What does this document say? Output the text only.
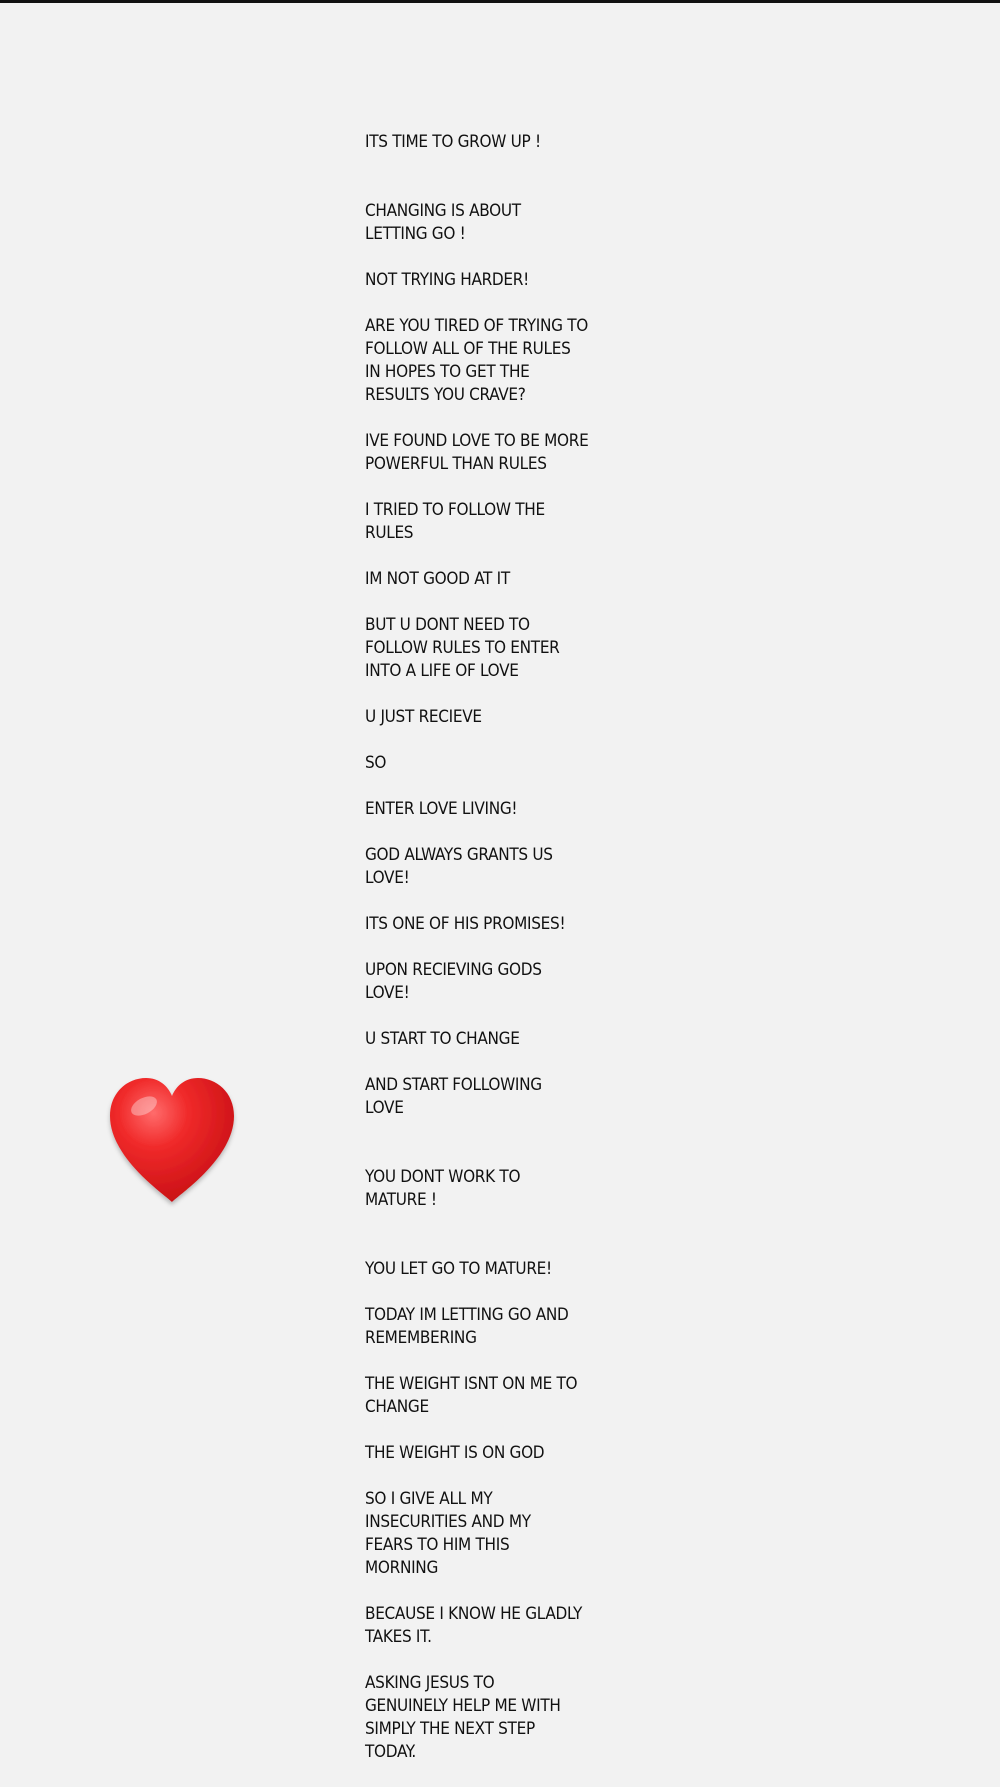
ITS TIME TO GROW UP !

CHANGING IS ABOUT
LETTING GO !

NOT TRYING HARDER!

ARE YOU TIRED OF TRYING TO
FOLLOW ALL OF THE RULES
IN HOPES TO GET THE
RESULTS YOU CRAVE?

IVE FOUND LOVE TO BE MORE
POWERFUL THAN RULES

I TRIED TO FOLLOW THE
RULES

IM NOT GOOD AT IT

BUT U DONT NEED TO
FOLLOW RULES TO ENTER
INTO A LIFE OF LOVE

U JUST RECIEVE

SO

ENTER LOVE LIVING!

GOD ALWAYS GRANTS US
LOVE!

ITS ONE OF HIS PROMISES!

UPON RECIEVING GODS
LOVE!

U START TO CHANGE

AND START FOLLOWING
LOVE

YOU DONT WORK TO
MATURE !

YOU LET GO TO MATURE!

TODAY IM LETTING GO AND
REMEMBERING

THE WEIGHT ISNT ON ME TO
CHANGE

THE WEIGHT IS ON GOD

SO I GIVE ALL MY
INSECURITIES AND MY
FEARS TO HIM THIS
MORNING

BECAUSE I KNOW HE GLADLY
TAKES IT.

ASKING JESUS TO
GENUINELY HELP ME WITH
SIMPLY THE NEXT STEP
TODAY.
